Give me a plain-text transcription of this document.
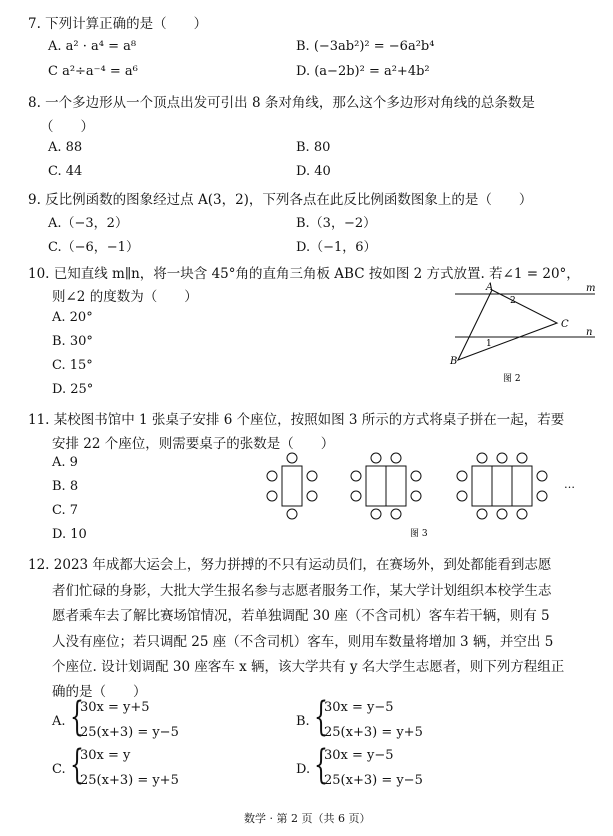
7. 下列计算正确的是（　　）
A. a² · a⁴ = a⁸	B. (−3ab²)² = −6a²b⁴
C a²÷a⁻⁴ = a⁶	D. (a−2b)² = a²+4b²
8. 一个多边形从一个顶点出发可引出 8 条对角线，那么这个多边形对角线的总条数是
（　　）
A. 88	B. 80
C. 44	D. 40
9. 反比例函数的图象经过点 A(3，2)，下列各点在此反比例函数图象上的是（　　）
A.（−3，2）	B.（3，−2）
C.（−6，−1）	D.（−1，6）
10. 已知直线 m∥n，将一块含 45°角的直角三角板 ABC 按如图 2 方式放置. 若∠1 = 20°，
则∠2 的度数为（　　）
A. 20°
B. 30°
C. 15°
D. 25°
A
B
C
m
n
2
1
图 2
11. 某校图书馆中 1 张桌子安排 6 个座位，按照如图 3 所示的方式将桌子拼在一起，若要
安排 22 个座位，则需要桌子的张数是（　　）
A. 9
B. 8
C. 7
D. 10
…
图 3
12. 2023 年成都大运会上，努力拼搏的不只有运动员们，在赛场外，到处都能看到志愿
者们忙碌的身影，大批大学生报名参与志愿者服务工作，某大学计划组织本校学生志
愿者乘车去了解比赛场馆情况，若单独调配 30 座（不含司机）客车若干辆，则有 5
人没有座位；若只调配 25 座（不含司机）客车，则用车数量将增加 3 辆，并空出 5
个座位. 设计划调配 30 座客车 x 辆，该大学共有 y 名大学生志愿者，则下列方程组正
确的是（　　）
A. {
30x = y+5
25(x+3) = y−5
B. {
30x = y−5
25(x+3) = y+5
C. {
30x = y
25(x+3) = y+5
D. {
30x = y−5
25(x+3) = y−5
数学 · 第 2 页（共 6 页）
